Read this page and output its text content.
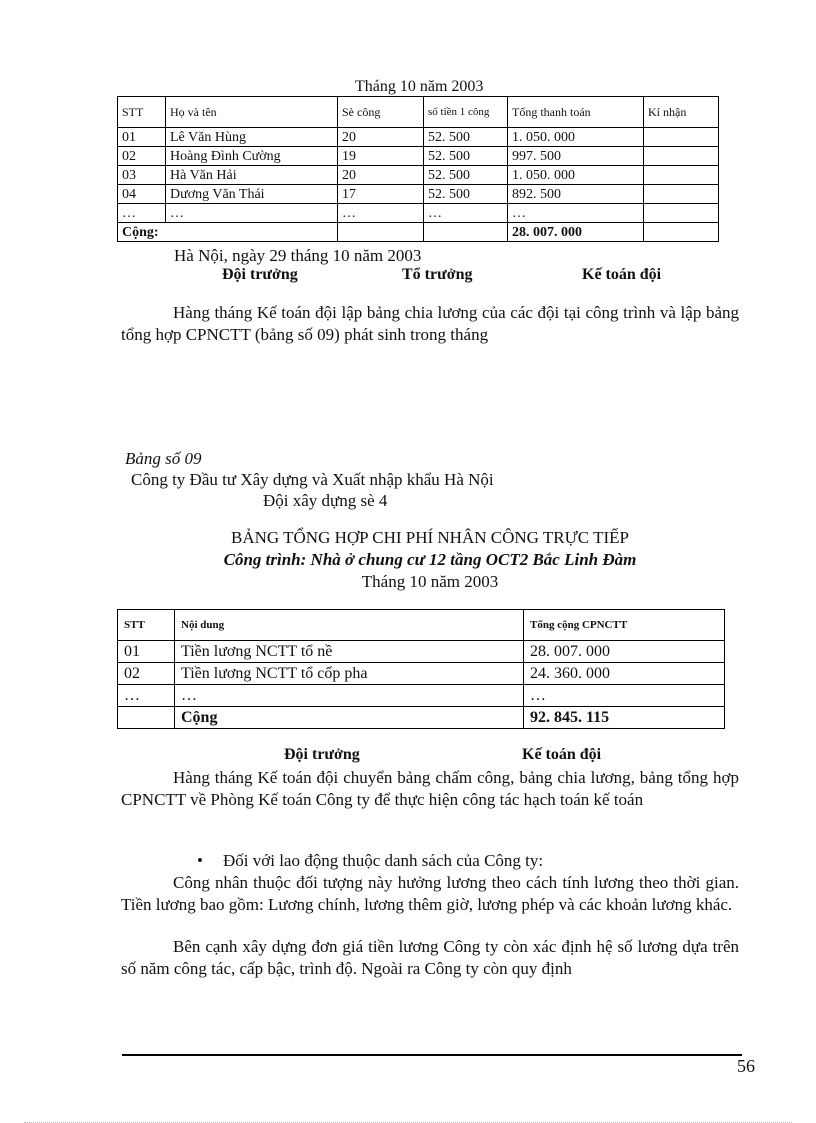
Tháng 10 năm 2003
STT	Họ và tên	Sè công	số tiền 1 công	Tổng thanh toán	Kí nhận
01	Lê Văn Hùng	20	52. 500	1. 050. 000	
02	Hoàng Đình Cường	19	52. 500	997. 500	
03	Hà Văn Hải	20	52. 500	1. 050. 000	
04	Dương Văn Thái	17	52. 500	892. 500	
…	…	…	…	…	
Cộng:				28. 007. 000	
Hà Nội, ngày 29 tháng 10 năm 2003
Đội trưởng	Tổ trưởng	Kế toán đội
Hàng tháng Kế toán đội lập bảng chia lương của các đội tại công trình và lập bảng tổng hợp CPNCTT (bảng số 09) phát sinh trong tháng
Bảng số 09
Công ty Đầu tư Xây dựng và Xuất nhập khẩu Hà Nội
Đội xây dựng sè 4
BẢNG TỔNG HỢP CHI PHÍ NHÂN CÔNG TRỰC TIẾP
Công trình: Nhà ở chung cư 12 tầng OCT2 Bắc Linh Đàm
Tháng 10 năm 2003
STT	Nội dung	Tổng cộng CPNCTT
01	Tiền lương NCTT tổ nề	28. 007. 000
02	Tiền lương NCTT tổ cốp pha	24. 360. 000
…	…	…
	Cộng	92. 845. 115
Đội trưởng	Kế toán đội
Hàng tháng Kế toán đội chuyển bảng chấm công, bảng chia lương, bảng tổng hợp CPNCTT về Phòng Kế toán Công ty để thực hiện công tác hạch toán kế toán
• Đối với lao động thuộc danh sách của Công ty:
Công nhân thuộc đối tượng này hưởng lương theo cách tính lương theo thời gian. Tiền lương bao gồm: Lương chính, lương thêm giờ, lương phép và các khoản lương khác.
Bên cạnh xây dựng đơn giá tiền lương Công ty còn xác định hệ số lương dựa trên số năm công tác, cấp bậc, trình độ. Ngoài ra Công ty còn quy định
56
